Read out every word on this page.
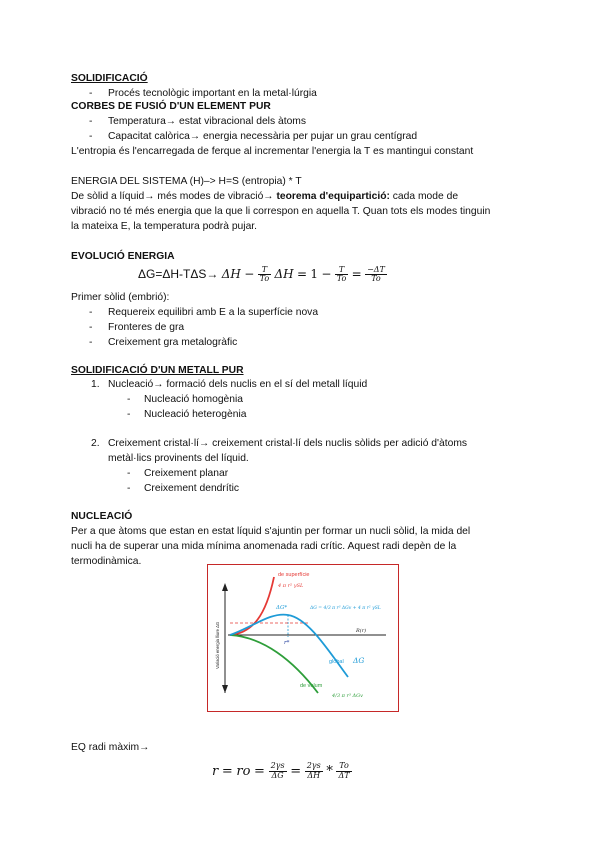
SOLIDIFICACIÓ
- Procés tecnològic important en la metal·lúrgia
CORBES DE FUSIÓ D'UN ELEMENT PUR
- Temperatura→ estat vibracional dels àtoms
- Capacitat calòrica→ energia necessària per pujar un grau centígrad
L'entropia és l'encarregada de ferque al incrementar l'energia la T es mantingui constant
ENERGIA DEL SISTEMA (H)–> H=S (entropia) * T
De sòlid a líquid→ més modes de vibració→ teorema d'equipartició: cada mode de
vibració no té més energia que la que li correspon en aquella T. Quan tots els modes tinguin
la mateixa E, la temperatura podrà pujar.
EVOLUCIÓ ENERGIA
$\Delta G=\Delta H-T\Delta S\to \Delta H - \frac{T}{To}$ $\Delta H = 1 - \frac{T}{To} = \frac{-\Delta T}{To}$
Primer sòlid (embrió):
- Requereix equilibri amb E a la superfície nova
- Fronteres de gra
- Creixement gra metalogràfic
SOLIDIFICACIÓ D'UN METALL PUR
1. Nucleació→ formació dels nuclis en el sí del metall líquid
- Nucleació homogènia
- Nucleació heterogènia
2. Creixement cristal·lí→ creixement cristal·lí dels nuclis sòlids per adició d'àtoms
metàl·lics provinents del líquid.
- Creixement planar
- Creixement dendrític
NUCLEACIÓ
Per a que àtoms que estan en estat líquid s'ajuntin per formar un nucli sòlid, la mida del
nucli ha de superar una mida mínima anomenada radi crític. Aquest radi depèn de la
termodinàmica.
de superfície
4 π r² γSL
ΔG*	ΔG = 4/3 π r³ ΔGv + 4 π r² γSL
r*
R(r)
global ΔG
de volum
4/3 π r³ ΔGv
Variació energia lliure ΔG
EQ radi màxim→
r = ro = $\frac{2\gamma s}{\Delta G} = \frac{2\gamma s}{\Delta H} * \frac{To}{\Delta T}$
